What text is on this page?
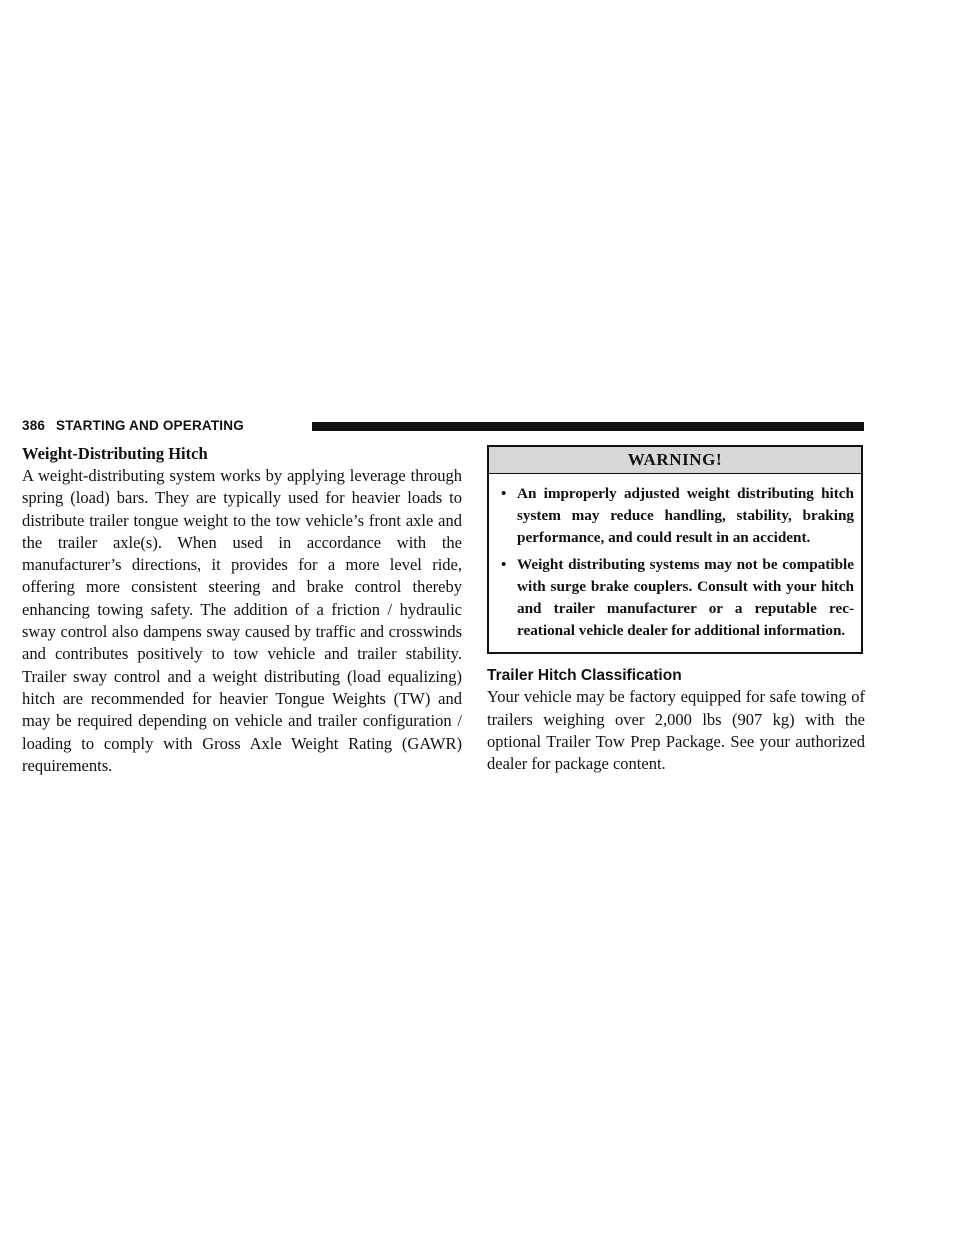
386 STARTING AND OPERATING
Weight-Distributing Hitch

A weight-distributing system works by applying leverage through spring (load) bars. They are typically used for heavier loads to distribute trailer tongue weight to the tow vehicle’s front axle and the trailer axle(s). When used in accordance with the manufacturer’s directions, it provides for a more level ride, offering more consistent steering and brake control thereby enhancing towing safety. The addition of a friction / hydraulic sway control also dampens sway caused by traffic and crosswinds and contributes positively to tow vehicle and trailer stability. Trailer sway control and a weight distributing (load equalizing) hitch are recommended for heavier Tongue Weights (TW) and may be required depending on vehicle and trailer configuration / loading to comply with Gross Axle Weight Rating (GAWR) requirements.

WARNING!
• An improperly adjusted weight distributing hitch system may reduce handling, stability, braking performance, and could result in an accident.
• Weight distributing systems may not be compatible with surge brake couplers. Consult with your hitch and trailer manufacturer or a reputable recreational vehicle dealer for additional information.
Trailer Hitch Classification

Your vehicle may be factory equipped for safe towing of trailers weighing over 2,000 lbs (907 kg) with the optional Trailer Tow Prep Package. See your authorized dealer for package content.
